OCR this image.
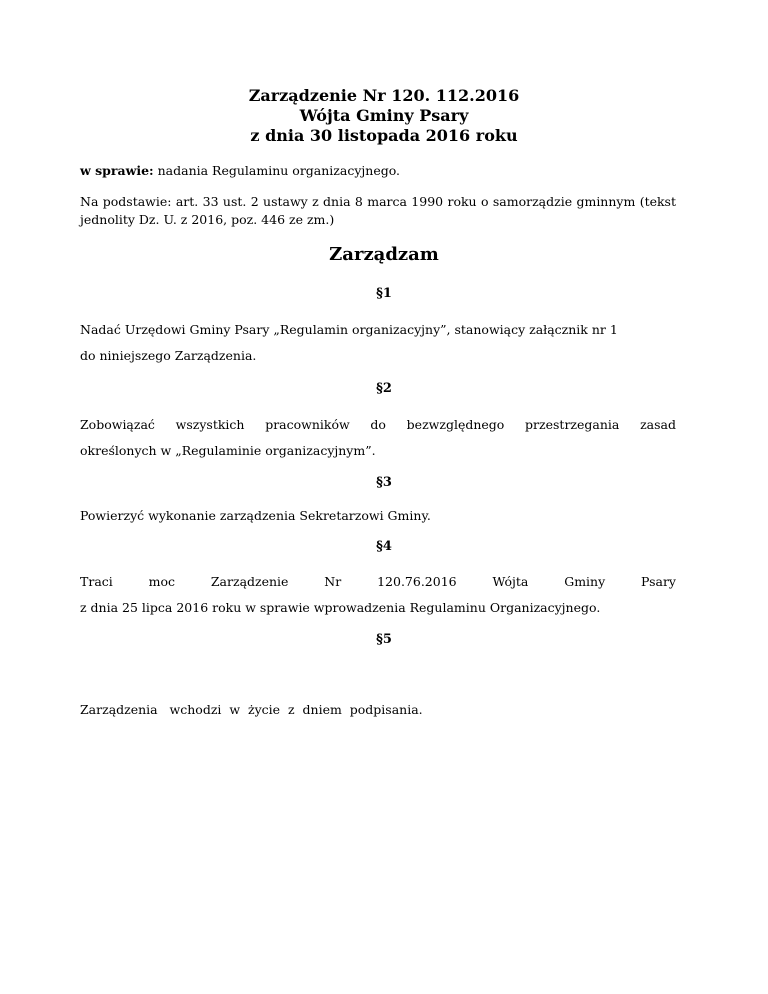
Zarządzenie Nr 120. 112.2016
Wójta Gminy Psary
z dnia 30 listopada 2016 roku
w sprawie: nadania Regulaminu organizacyjnego.
Na podstawie: art. 33 ust. 2 ustawy z dnia 8 marca 1990 roku o samorządzie gminnym (tekst jednolity Dz. U. z 2016, poz. 446 ze zm.)
Zarządzam
§1
Nadać Urzędowi Gminy Psary „Regulamin organizacyjny”, stanowiący załącznik nr 1
do niniejszego Zarządzenia.
§2
Zobowiązać wszystkich pracowników do bezwzględnego przestrzegania zasad
określonych w „Regulaminie organizacyjnym”.
§3
Powierzyć wykonanie zarządzenia Sekretarzowi Gminy.
§4
Traci moc Zarządzenie Nr 120.76.2016 Wójta Gminy Psary
z dnia 25 lipca 2016 roku w sprawie wprowadzenia Regulaminu Organizacyjnego.
§5

Zarządzenia   wchodzi  w  życie  z  dniem  podpisania.
